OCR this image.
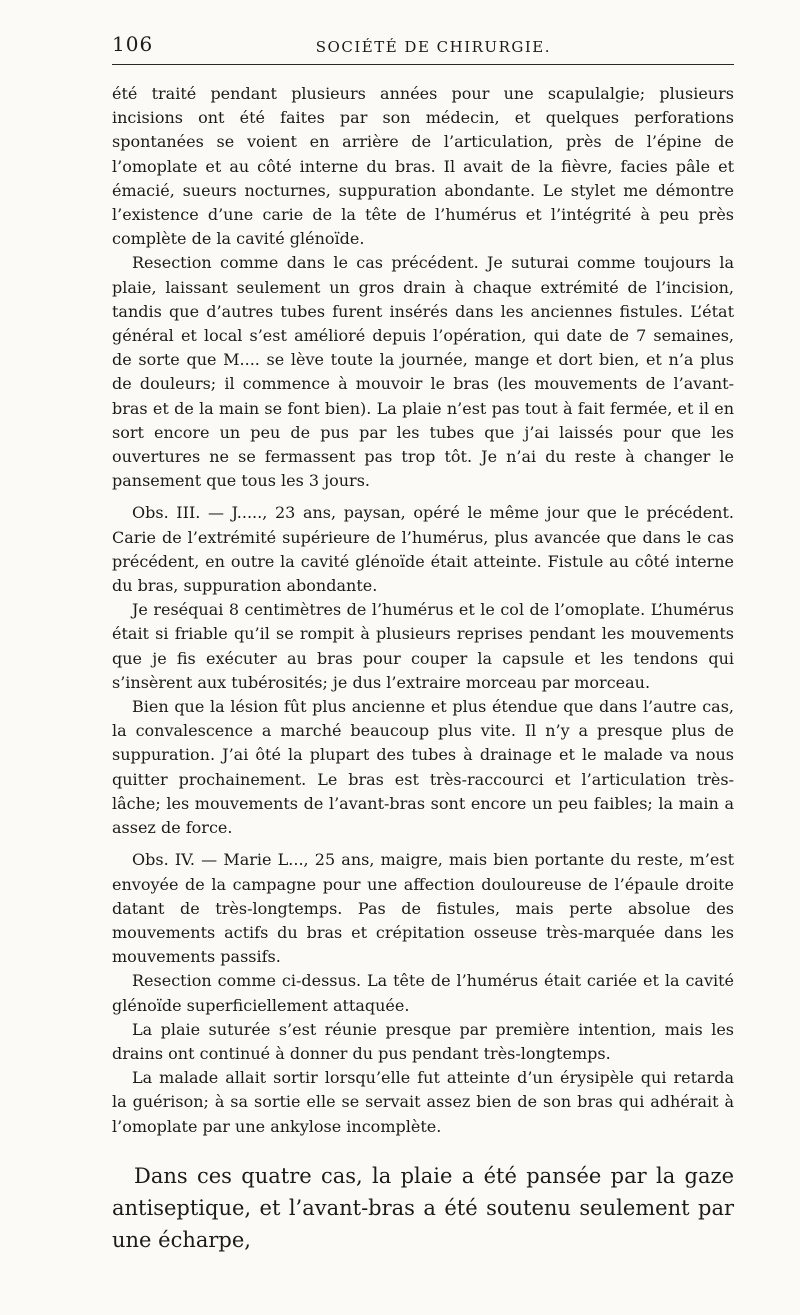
106	SOCIÉTÉ DE CHIRURGIE.

été traité pendant plusieurs années pour une scapulalgie; plusieurs incisions ont été faites par son médecin, et quelques perforations spontanées se voient en arrière de l’articulation, près de l’épine de l’omoplate et au côté interne du bras. Il avait de la fièvre, facies pâle et émacié, sueurs nocturnes, suppuration abondante. Le stylet me démontre l’existence d’une carie de la tête de l’humérus et l’intégrité à peu près complète de la cavité glénoïde.

Resection comme dans le cas précédent. Je suturai comme toujours la plaie, laissant seulement un gros drain à chaque extrémité de l’incision, tandis que d’autres tubes furent insérés dans les anciennes fistules. L’état général et local s’est amélioré depuis l’opération, qui date de 7 semaines, de sorte que M.... se lève toute la journée, mange et dort bien, et n’a plus de douleurs; il commence à mouvoir le bras (les mouvements de l’avant-bras et de la main se font bien). La plaie n’est pas tout à fait fermée, et il en sort encore un peu de pus par les tubes que j’ai laissés pour que les ouvertures ne se fermassent pas trop tôt. Je n’ai du reste à changer le pansement que tous les 3 jours.

Obs. III. — J....., 23 ans, paysan, opéré le même jour que le précédent. Carie de l’extrémité supérieure de l’humérus, plus avancée que dans le cas précédent, en outre la cavité glénoïde était atteinte. Fistule au côté interne du bras, suppuration abondante.

Je reséquai 8 centimètres de l’humérus et le col de l’omoplate. L’humérus était si friable qu’il se rompit à plusieurs reprises pendant les mouvements que je fis exécuter au bras pour couper la capsule et les tendons qui s’insèrent aux tubérosités; je dus l’extraire morceau par morceau.

Bien que la lésion fût plus ancienne et plus étendue que dans l’autre cas, la convalescence a marché beaucoup plus vite. Il n’y a presque plus de suppuration. J’ai ôté la plupart des tubes à drainage et le malade va nous quitter prochainement. Le bras est très-raccourci et l’articulation très-lâche; les mouvements de l’avant-bras sont encore un peu faibles; la main a assez de force.

Obs. IV. — Marie L..., 25 ans, maigre, mais bien portante du reste, m’est envoyée de la campagne pour une affection douloureuse de l’épaule droite datant de très-longtemps. Pas de fistules, mais perte absolue des mouvements actifs du bras et crépitation osseuse très-marquée dans les mouvements passifs.

Resection comme ci-dessus. La tête de l’humérus était cariée et la cavité glénoïde superficiellement attaquée.

La plaie suturée s’est réunie presque par première intention, mais les drains ont continué à donner du pus pendant très-longtemps.

La malade allait sortir lorsqu’elle fut atteinte d’un érysipèle qui retarda la guérison; à sa sortie elle se servait assez bien de son bras qui adhérait à l’omoplate par une ankylose incomplète.

Dans ces quatre cas, la plaie a été pansée par la gaze antiseptique, et l’avant-bras a été soutenu seulement par une écharpe,
